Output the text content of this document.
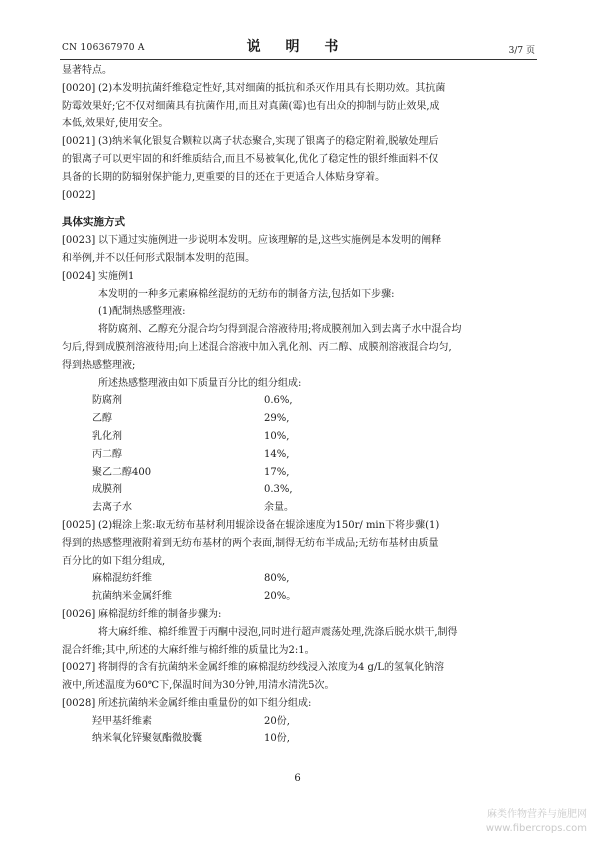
CN 106367970 A	说 明 书	3/7 页
显著特点。
[0020] (2)本发明抗菌纤维稳定性好,其对细菌的抵抗和杀灭作用具有长期功效。其抗菌
防霉效果好;它不仅对细菌具有抗菌作用,而且对真菌(霉)也有出众的抑制与防止效果,成
本低,效果好,使用安全。
[0021] (3)纳米氧化银复合颗粒以离子状态聚合,实现了银离子的稳定附着,脱敏处理后
的银离子可以更牢固的和纤维质结合,而且不易被氧化,优化了稳定性的银纤维面料不仅
具备的长期的防辐射保护能力,更重要的目的还在于更适合人体贴身穿着。
[0022]
具体实施方式
[0023] 以下通过实施例进一步说明本发明。应该理解的是,这些实施例是本发明的阐释
和举例,并不以任何形式限制本发明的范围。
[0024] 实施例1
本发明的一种多元素麻棉丝混纺的无纺布的制备方法,包括如下步骤:
(1)配制热感整理液:
将防腐剂、乙醇充分混合均匀得到混合溶液待用;将成膜剂加入到去离子水中混合均
匀后,得到成膜剂溶液待用;向上述混合溶液中加入乳化剂、丙二醇、成膜剂溶液混合均匀,
得到热感整理液;
所述热感整理液由如下质量百分比的组分组成:
防腐剂	0.6%,
乙醇	29%,
乳化剂	10%,
丙二醇	14%,
聚乙二醇400	17%,
成膜剂	0.3%,
去离子水	余量。
[0025] (2)辊涂上浆:取无纺布基材利用辊涂设备在辊涂速度为150r/ min下将步骤(1)
得到的热感整理液附着到无纺布基材的两个表面,制得无纺布半成品;无纺布基材由质量
百分比的如下组分组成,
麻棉混纺纤维	80%,
抗菌纳米金属纤维	20%。
[0026] 麻棉混纺纤维的制备步骤为:
将大麻纤维、棉纤维置于丙酮中浸泡,同时进行超声震荡处理,洗涤后脱水烘干,制得
混合纤维;其中,所述的大麻纤维与棉纤维的质量比为2:1。
[0027] 将制得的含有抗菌纳米金属纤维的麻棉混纺纱线浸入浓度为4 g/L的氢氧化钠溶
液中,所述温度为60℃下,保温时间为30分钟,用清水清洗5次。
[0028] 所述抗菌纳米金属纤维由重量份的如下组分组成:
羟甲基纤维素	20份,
纳米氧化锌聚氨酯微胶囊	10份,
6
麻类作物营养与施肥网
www.fibercrops.com
